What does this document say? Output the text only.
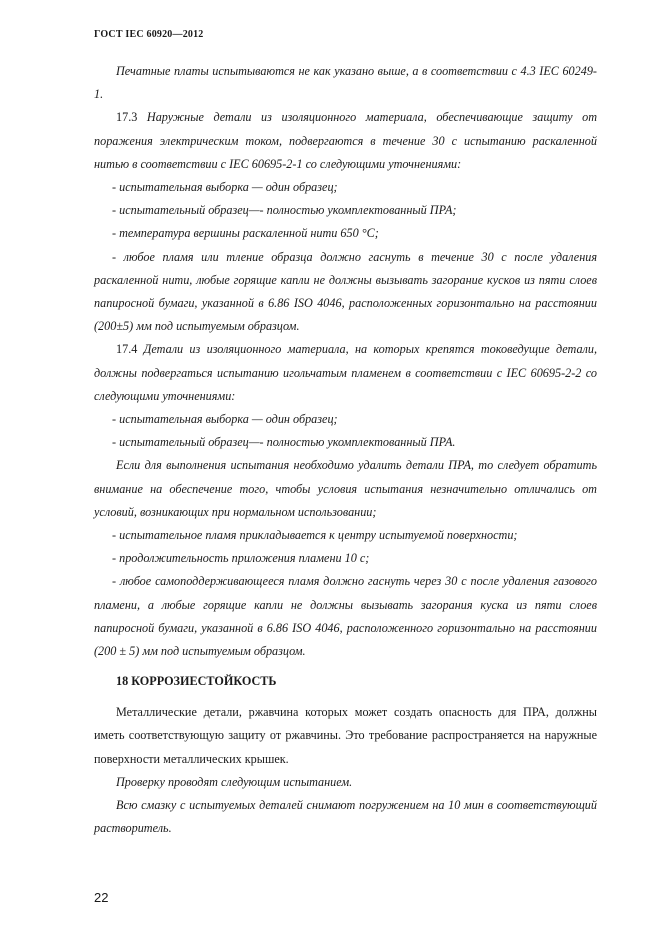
ГОСТ IEC 60920—2012

Печатные платы испытываются не как указано выше, а в соответствии с 4.3 IEC 60249-1.

17.3 Наружные детали из изоляционного материала, обеспечивающие защиту от поражения электрическим током, подвергаются в течение 30 с испытанию раскаленной нитью в соответствии с IEC 60695-2-1 со следующими уточнениями:

- испытательная выборка — один образец;

- испытательный образец—- полностью укомплектованный ПРА;

- температура вершины раскаленной нити 650 °С;

- любое пламя или тление образца должно гаснуть в течение 30 с после удаления раскаленной нити, любые горящие капли не должны вызывать загорание кусков из пяти слоев папиросной бумаги, указанной в 6.86 ISO 4046, расположенных горизонтально на расстоянии (200±5) мм под испытуемым образцом.

17.4 Детали из изоляционного материала, на которых крепятся токоведущие детали, должны подвергаться испытанию игольчатым пламенем в соответствии с IEC 60695-2-2 со следующими уточнениями:

- испытательная выборка — один образец;

- испытательный образец—- полностью укомплектованный ПРА.

Если для выполнения испытания необходимо удалить детали ПРА, то следует обратить внимание на обеспечение того, чтобы условия испытания незначительно отличались от условий, возникающих при нормальном использовании;

- испытательное пламя прикладывается к центру испытуемой поверхности;

- продолжительность приложения пламени 10 с;

- любое самоподдерживающееся пламя должно гаснуть через 30 с после удаления газового пламени, а любые горящие капли не должны вызывать загорания куска из пяти слоев папиросной бумаги, указанной в 6.86 ISO 4046, расположенного горизонтально на расстоянии (200 ± 5) мм под испытуемым образцом.

18 КОРРОЗИЕСТОЙКОСТЬ

Металлические детали, ржавчина которых может создать опасность для ПРА, должны иметь соответствующую защиту от ржавчины. Это требование распространяется на наружные поверхности металлических крышек.

Проверку проводят следующим испытанием.

Всю смазку с испытуемых деталей снимают погружением на 10 мин в соответствующий растворитель.

22
